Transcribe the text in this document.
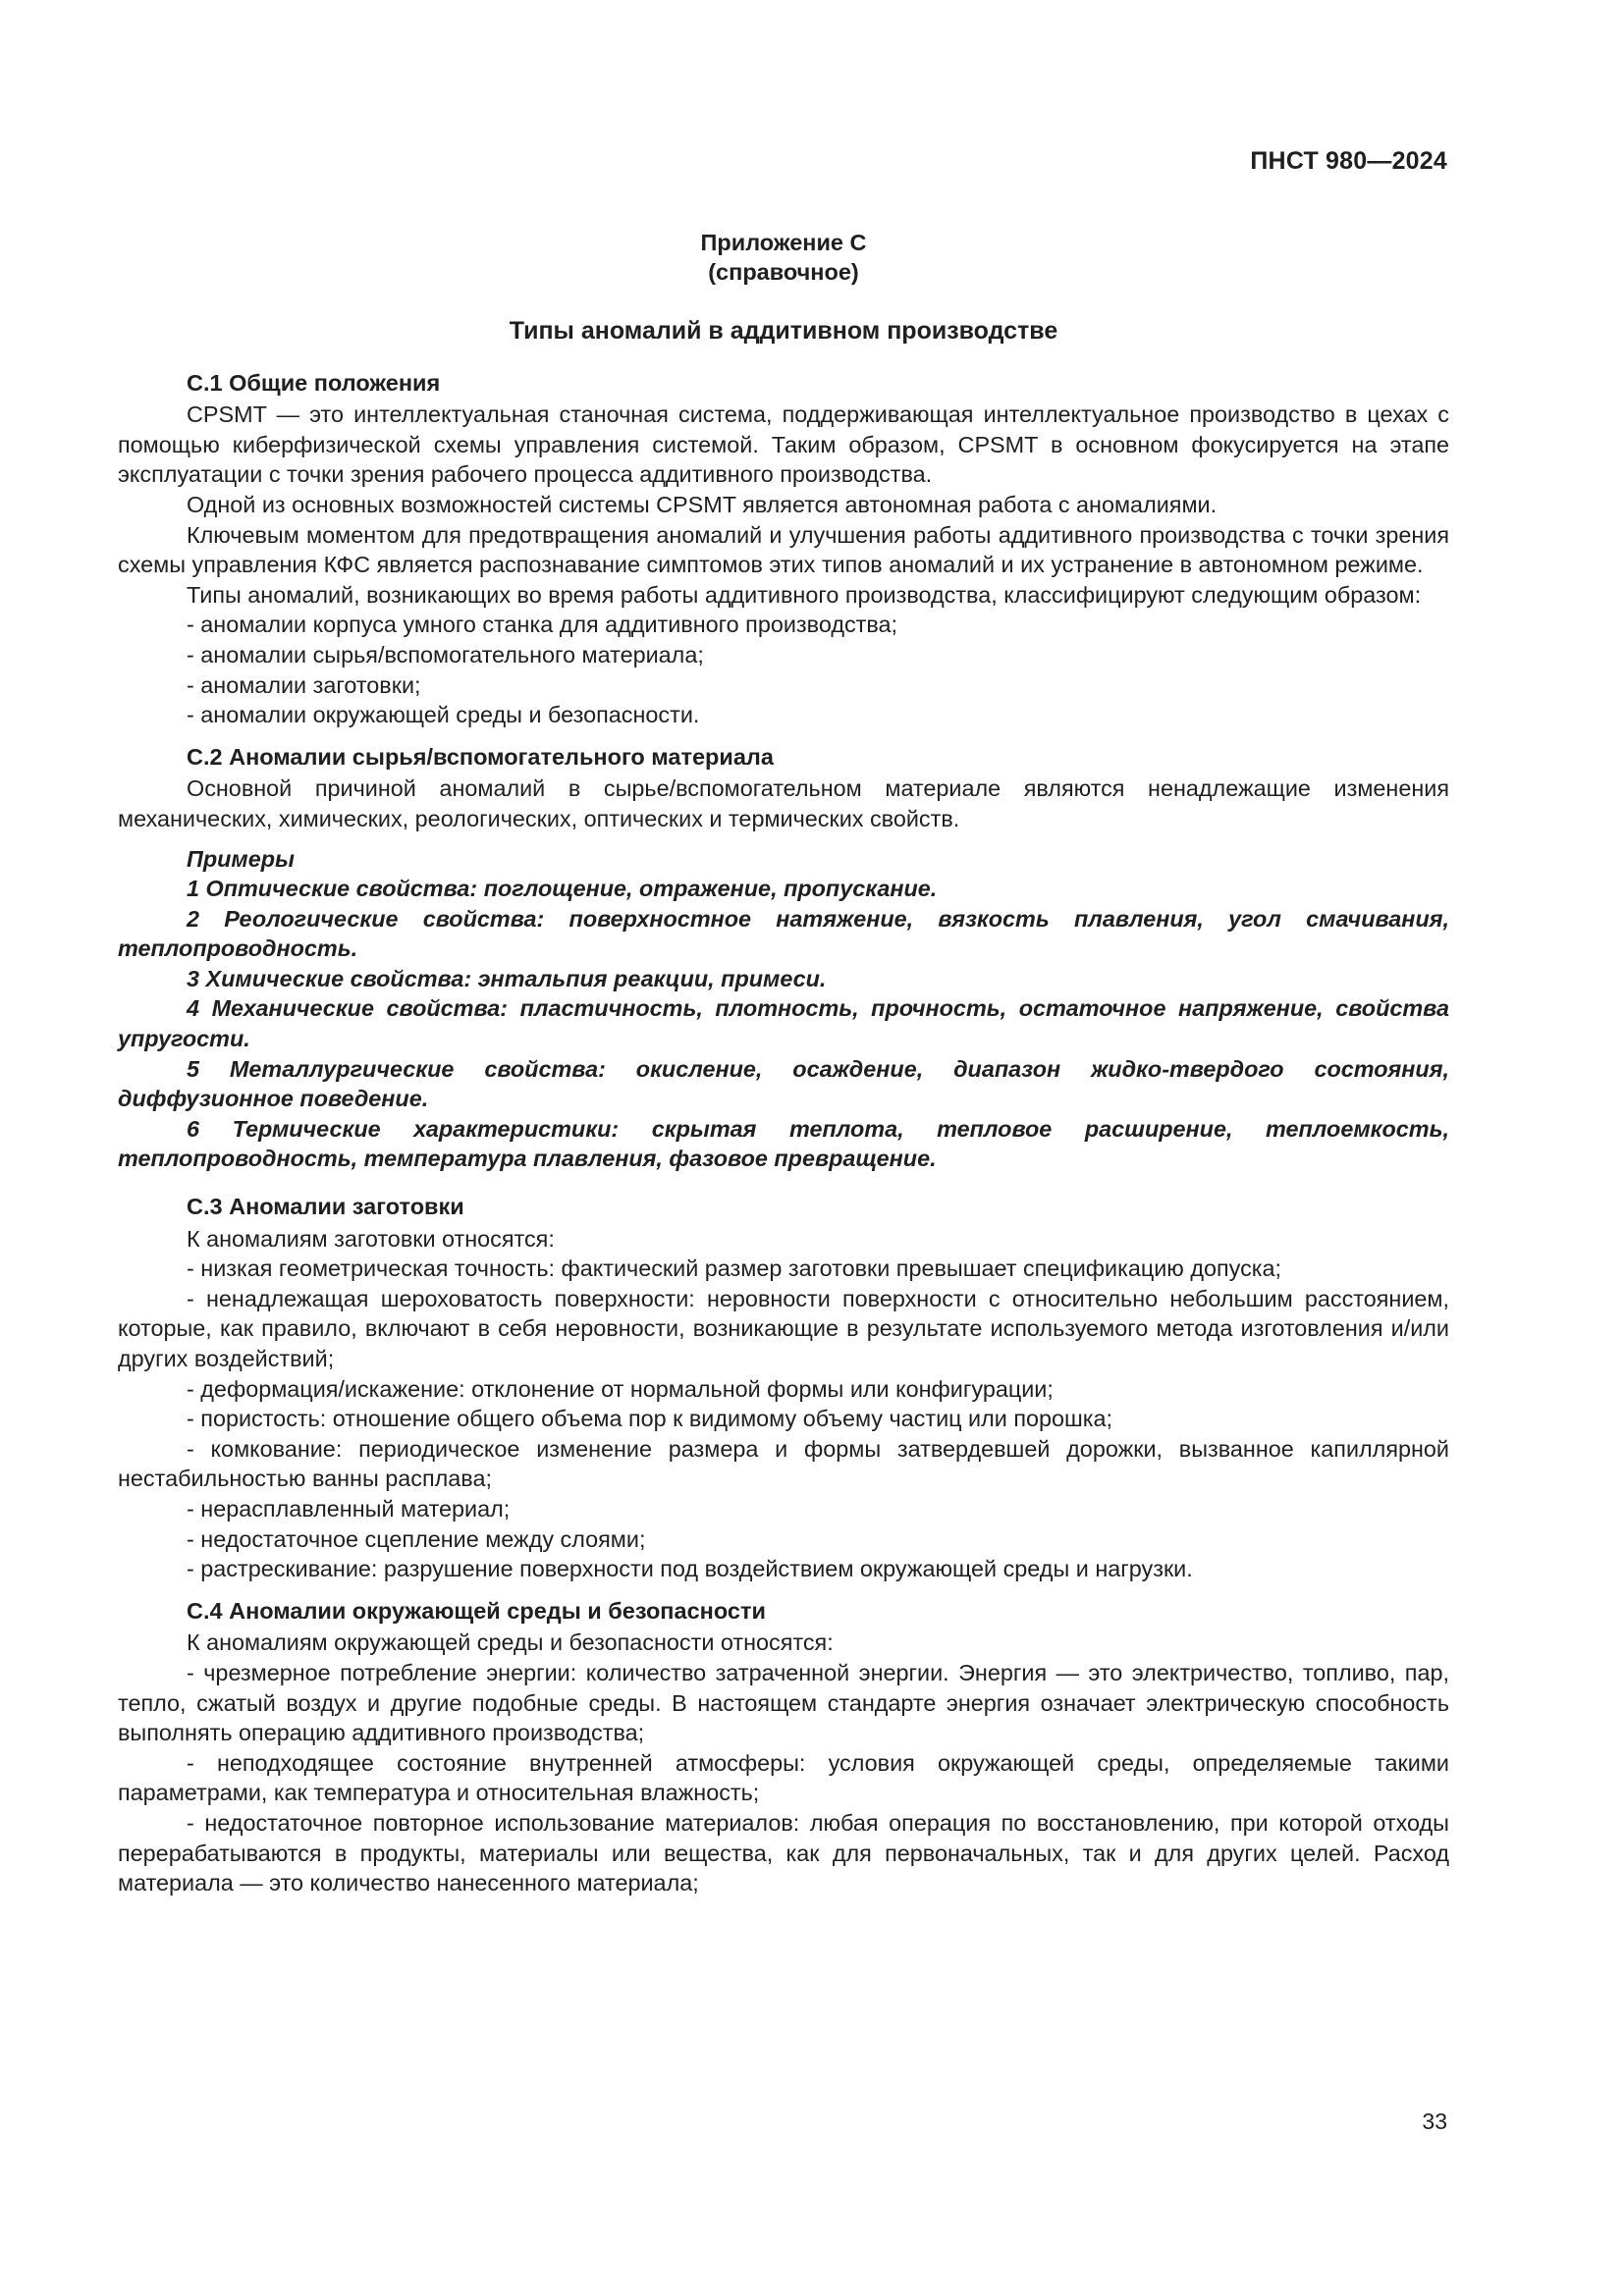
ПНСТ 980—2024
Приложение С
(справочное)
Типы аномалий в аддитивном производстве
С.1 Общие положения

CPSMT — это интеллектуальная станочная система, поддерживающая интеллектуальное производство в цехах с помощью киберфизической схемы управления системой. Таким образом, CPSMT в основном фокусируется на этапе эксплуатации с точки зрения рабочего процесса аддитивного производства.

Одной из основных возможностей системы CPSMT является автономная работа с аномалиями.

Ключевым моментом для предотвращения аномалий и улучшения работы аддитивного производства с точки зрения схемы управления КФС является распознавание симптомов этих типов аномалий и их устранение в автономном режиме.

Типы аномалий, возникающих во время работы аддитивного производства, классифицируют следующим образом:

- аномалии корпуса умного станка для аддитивного производства;

- аномалии сырья/вспомогательного материала;

- аномалии заготовки;

- аномалии окружающей среды и безопасности.

С.2 Аномалии сырья/вспомогательного материала

Основной причиной аномалий в сырье/вспомогательном материале являются ненадлежащие изменения механических, химических, реологических, оптических и термических свойств.

Примеры

1 Оптические свойства: поглощение, отражение, пропускание.

2 Реологические свойства: поверхностное натяжение, вязкость плавления, угол смачивания, теплопроводность.

3 Химические свойства: энтальпия реакции, примеси.

4 Механические свойства: пластичность, плотность, прочность, остаточное напряжение, свойства упругости.

5 Металлургические свойства: окисление, осаждение, диапазон жидко-твердого состояния, диффузионное поведение.

6 Термические характеристики: скрытая теплота, тепловое расширение, теплоемкость, теплопроводность, температура плавления, фазовое превращение.

С.3 Аномалии заготовки

К аномалиям заготовки относятся:

- низкая геометрическая точность: фактический размер заготовки превышает спецификацию допуска;

- ненадлежащая шероховатость поверхности: неровности поверхности с относительно небольшим расстоянием, которые, как правило, включают в себя неровности, возникающие в результате используемого метода изготовления и/или других воздействий;

- деформация/искажение: отклонение от нормальной формы или конфигурации;

- пористость: отношение общего объема пор к видимому объему частиц или порошка;

- комкование: периодическое изменение размера и формы затвердевшей дорожки, вызванное капиллярной нестабильностью ванны расплава;

- нерасплавленный материал;

- недостаточное сцепление между слоями;

- растрескивание: разрушение поверхности под воздействием окружающей среды и нагрузки.

С.4 Аномалии окружающей среды и безопасности

К аномалиям окружающей среды и безопасности относятся:

- чрезмерное потребление энергии: количество затраченной энергии. Энергия — это электричество, топливо, пар, тепло, сжатый воздух и другие подобные среды. В настоящем стандарте энергия означает электрическую способность выполнять операцию аддитивного производства;

- неподходящее состояние внутренней атмосферы: условия окружающей среды, определяемые такими параметрами, как температура и относительная влажность;

- недостаточное повторное использование материалов: любая операция по восстановлению, при которой отходы перерабатываются в продукты, материалы или вещества, как для первоначальных, так и для других целей. Расход материала — это количество нанесенного материала;

33
